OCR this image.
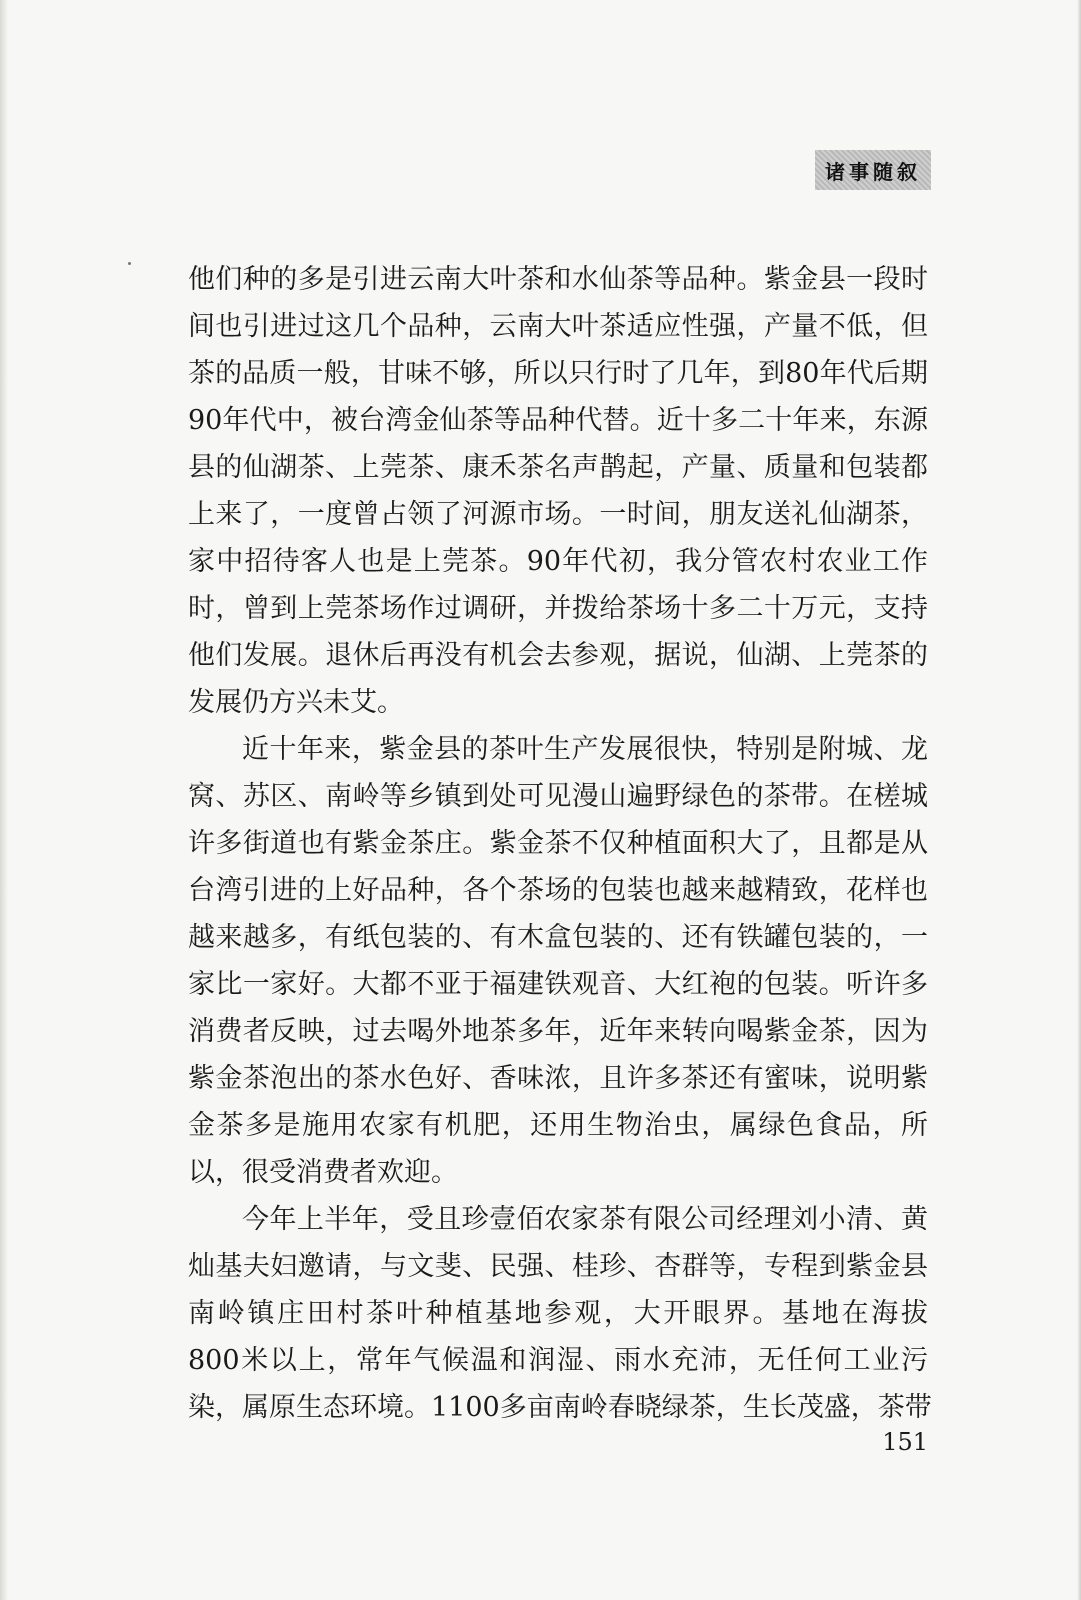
诸事随叙
他们种的多是引进云南大叶茶和水仙茶等品种。紫金县一段时
间也引进过这几个品种，云南大叶茶适应性强，产量不低，但
茶的品质一般，甘味不够，所以只行时了几年，到80年代后期
90年代中，被台湾金仙茶等品种代替。近十多二十年来，东源
县的仙湖茶、上莞茶、康禾茶名声鹊起，产量、质量和包装都
上来了，一度曾占领了河源市场。一时间，朋友送礼仙湖茶，
家中招待客人也是上莞茶。90年代初，我分管农村农业工作
时，曾到上莞茶场作过调研，并拨给茶场十多二十万元，支持
他们发展。退休后再没有机会去参观，据说，仙湖、上莞茶的
发展仍方兴未艾。
近十年来，紫金县的茶叶生产发展很快，特别是附城、龙
窝、苏区、南岭等乡镇到处可见漫山遍野绿色的茶带。在槎城
许多街道也有紫金茶庄。紫金茶不仅种植面积大了，且都是从
台湾引进的上好品种，各个茶场的包装也越来越精致，花样也
越来越多，有纸包装的、有木盒包装的、还有铁罐包装的，一
家比一家好。大都不亚于福建铁观音、大红袍的包装。听许多
消费者反映，过去喝外地茶多年，近年来转向喝紫金茶，因为
紫金茶泡出的茶水色好、香味浓，且许多茶还有蜜味，说明紫
金茶多是施用农家有机肥，还用生物治虫，属绿色食品，所
以，很受消费者欢迎。
今年上半年，受且珍壹佰农家茶有限公司经理刘小清、黄
灿基夫妇邀请，与文斐、民强、桂珍、杏群等，专程到紫金县
南岭镇庄田村茶叶种植基地参观，大开眼界。基地在海拔
800米以上，常年气候温和润湿、雨水充沛，无任何工业污
染，属原生态环境。1100多亩南岭春晓绿茶，生长茂盛，茶带
151
